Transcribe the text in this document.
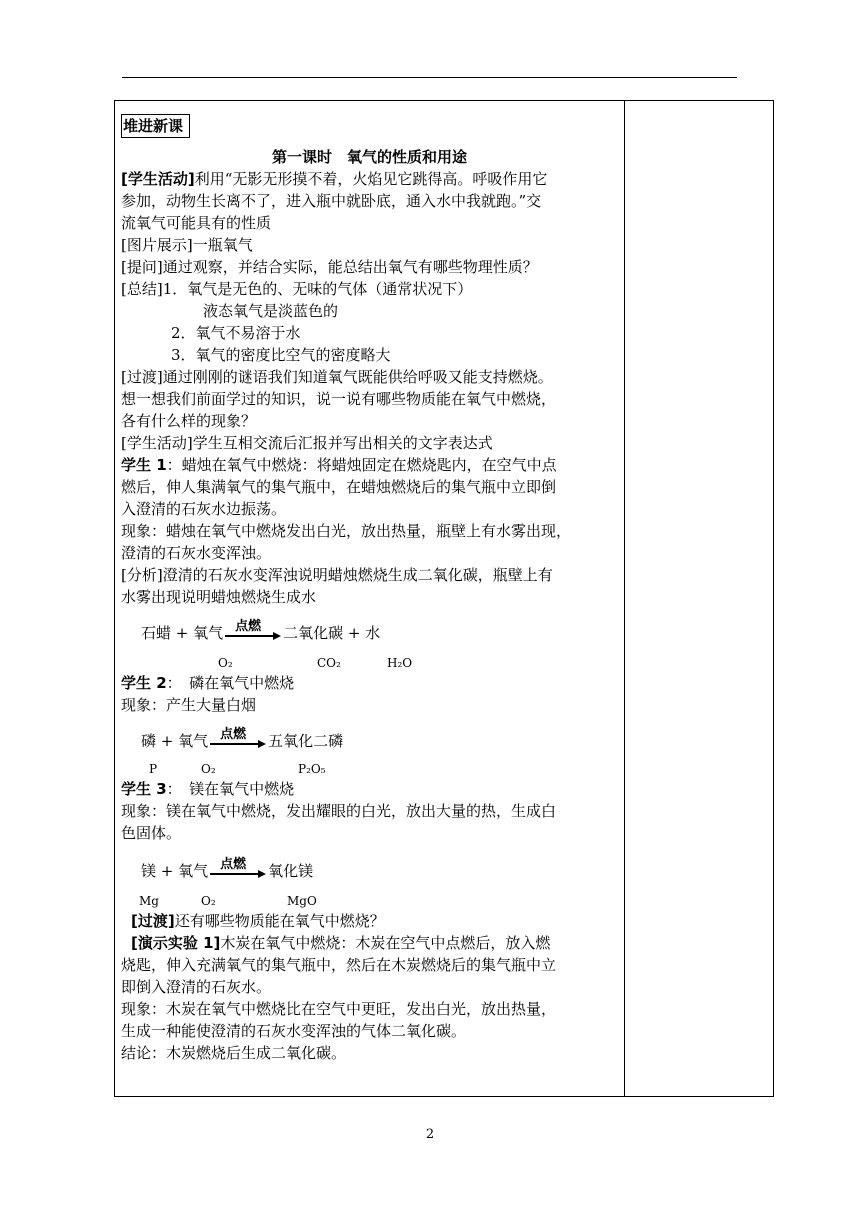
堆进新课
第一课时　氧气的性质和用途
[学生活动]利用“无影无形摸不着，火焰见它跳得高。呼吸作用它
参加，动物生长离不了，进入瓶中就卧底，通入水中我就跑。”交
流氧气可能具有的性质
[图片展示]一瓶氧气
[提问]通过观察，并结合实际，能总结出氧气有哪些物理性质？
[总结]1．氧气是无色的、无味的气体（通常状况下）
液态氧气是淡蓝色的
2．氧气不易溶于水
3．氧气的密度比空气的密度略大
[过渡]通过刚刚的谜语我们知道氧气既能供给呼吸又能支持燃烧。
想一想我们前面学过的知识，说一说有哪些物质能在氧气中燃烧，
各有什么样的现象？
[学生活动]学生互相交流后汇报并写出相关的文字表达式
学生 1：蜡烛在氧气中燃烧：将蜡烛固定在燃烧匙内，在空气中点
燃后，伸人集满氧气的集气瓶中，在蜡烛燃烧后的集气瓶中立即倒
入澄清的石灰水边振荡。
现象：蜡烛在氧气中燃烧发出白光，放出热量，瓶壁上有水雾出现，
澄清的石灰水变浑浊。
[分析]澄清的石灰水变浑浊说明蜡烛燃烧生成二氧化碳，瓶壁上有
水雾出现说明蜡烛燃烧生成水
石蜡 + 氧气 点燃 二氧化碳 + 水
O₂	CO₂	H₂O
学生 2：　磷在氧气中燃烧
现象：产生大量白烟
磷 + 氧气 点燃 五氧化二磷
P	O₂	P₂O₅
学生 3：　镁在氧气中燃烧
现象：镁在氧气中燃烧，发出耀眼的白光，放出大量的热，生成白
色固体。
镁 + 氧气 点燃 氧化镁
Mg	O₂	MgO
[过渡]还有哪些物质能在氧气中燃烧？
[演示实验 1]木炭在氧气中燃烧：木炭在空气中点燃后，放入燃
烧匙，伸入充满氧气的集气瓶中，然后在木炭燃烧后的集气瓶中立
即倒入澄清的石灰水。
现象：木炭在氧气中燃烧比在空气中更旺，发出白光，放出热量，
生成一种能使澄清的石灰水变浑浊的气体二氧化碳。
结论：木炭燃烧后生成二氧化碳。
2
